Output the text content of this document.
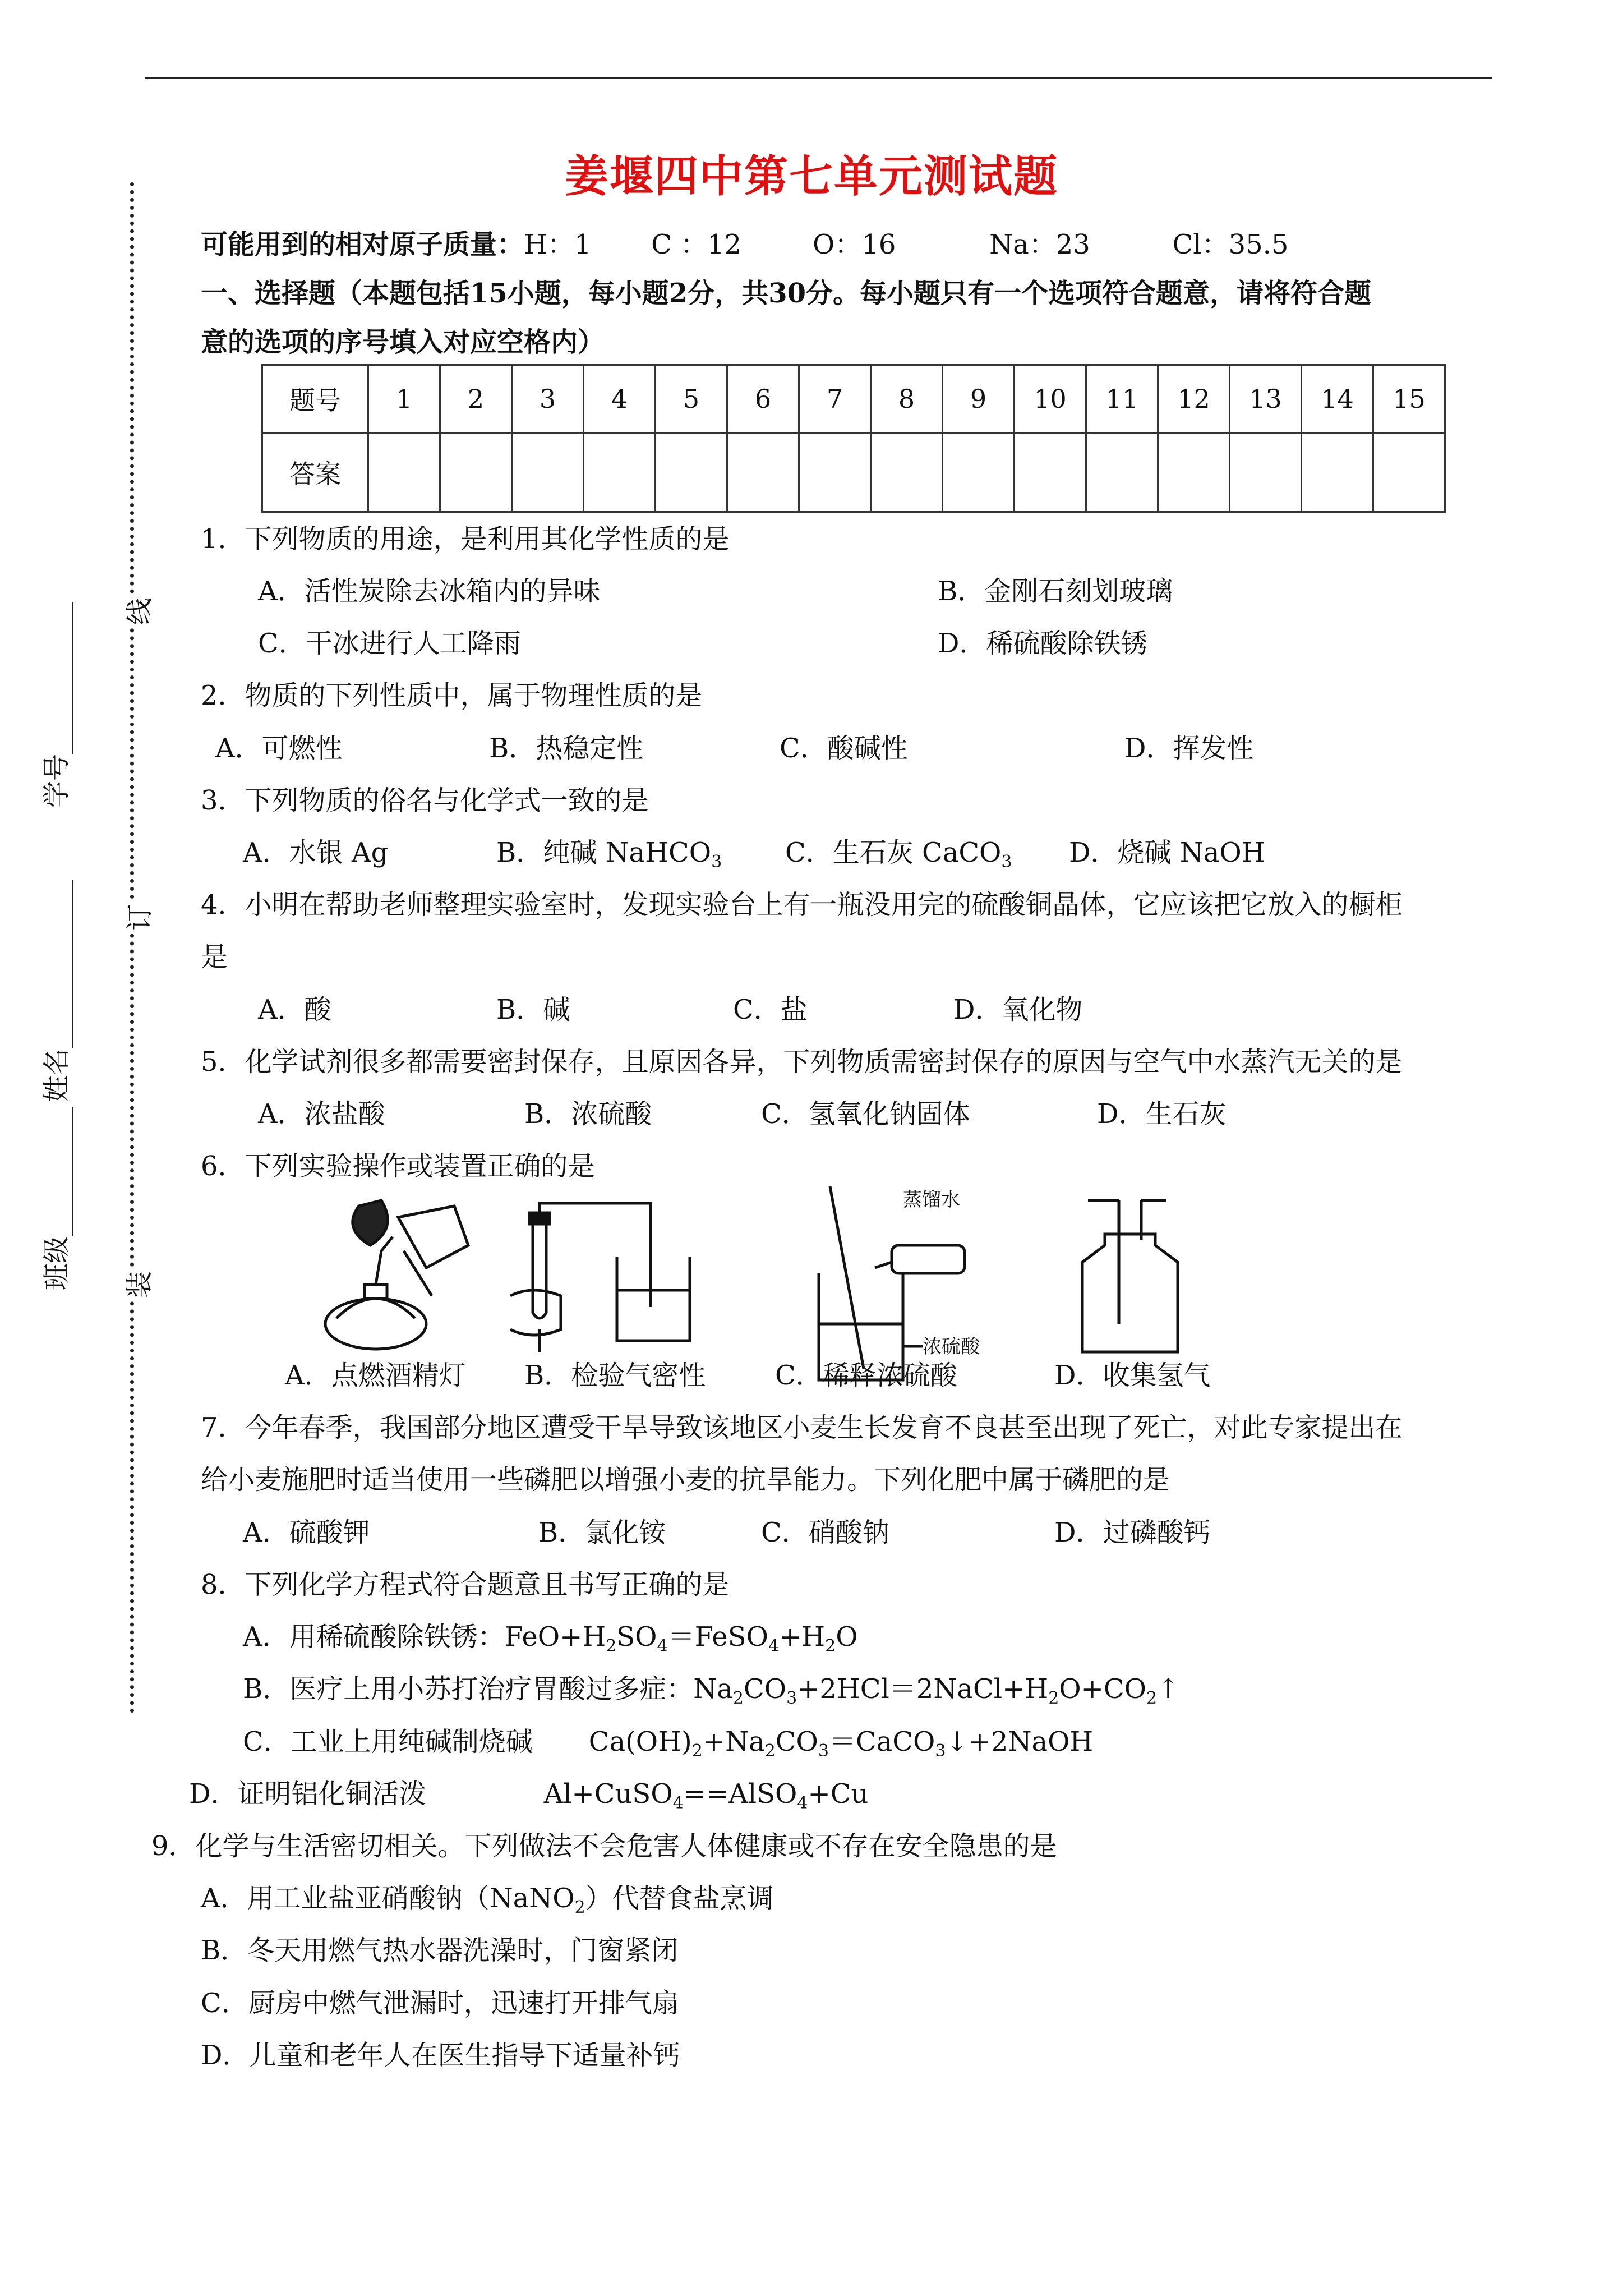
线
订
装
学号
姓名
班级
姜堰四中第七单元测试题
可能用到的相对原子质量：H：1 C ：12	O：16	Na：23	Cl：35.5
一、选择题（本题包括15小题，每小题2分，共30分。每小题只有一个选项符合题意，请将符合题
意的选项的序号填入对应空格内）
题号	1	2	3	4	5	6	7	8	9	10	11	12	13	14	15
答案															
1．下列物质的用途，是利用其化学性质的是
A．活性炭除去冰箱内的异味	B．金刚石刻划玻璃
C．干冰进行人工降雨	D．稀硫酸除铁锈
2．物质的下列性质中，属于物理性质的是
A．可燃性	B．热稳定性	C．酸碱性	D．挥发性
3．下列物质的俗名与化学式一致的是
A．水银 Ag	B．纯碱 NaHCO$_3$ C．生石灰 CaCO$_3$ D．烧碱 NaOH
4．小明在帮助老师整理实验室时，发现实验台上有一瓶没用完的硫酸铜晶体，它应该把它放入的橱柜
是
A．酸	B．碱	C．盐	D．氧化物
5．化学试剂很多都需要密封保存，且原因各异，下列物质需密封保存的原因与空气中水蒸汽无关的是
A．浓盐酸	B．浓硫酸	C．氢氧化钠固体	D．生石灰
6．下列实验操作或装置正确的是
蒸馏水
浓硫酸
A．点燃酒精灯 B．检验气密性	C．稀释浓硫酸	D．收集氢气
7．今年春季，我国部分地区遭受干旱导致该地区小麦生长发育不良甚至出现了死亡，对此专家提出在
给小麦施肥时适当使用一些磷肥以增强小麦的抗旱能力。下列化肥中属于磷肥的是
A．硫酸钾	B．氯化铵	C．硝酸钠	D．过磷酸钙
8．下列化学方程式符合题意且书写正确的是
A．用稀硫酸除铁锈：$FeO+H_2SO_4=FeSO_4+H_2O$
B．医疗上用小苏打治疗胃酸过多症：$Na_2CO_3+2HCl=2NaCl+H_2O+CO_2↑$
C．工业上用纯碱制烧碱 $Ca(OH)_2+Na_2CO_3=CaCO_3↓+2NaOH$
D．证明铝化铜活泼	Al+CuSO$_4$==AlSO$_4$+Cu
9．化学与生活密切相关。下列做法不会危害人体健康或不存在安全隐患的是
A．用工业盐亚硝酸钠（NaNO$_2$）代替食盐烹调
B．冬天用燃气热水器洗澡时，门窗紧闭
C．厨房中燃气泄漏时，迅速打开排气扇
D．儿童和老年人在医生指导下适量补钙
